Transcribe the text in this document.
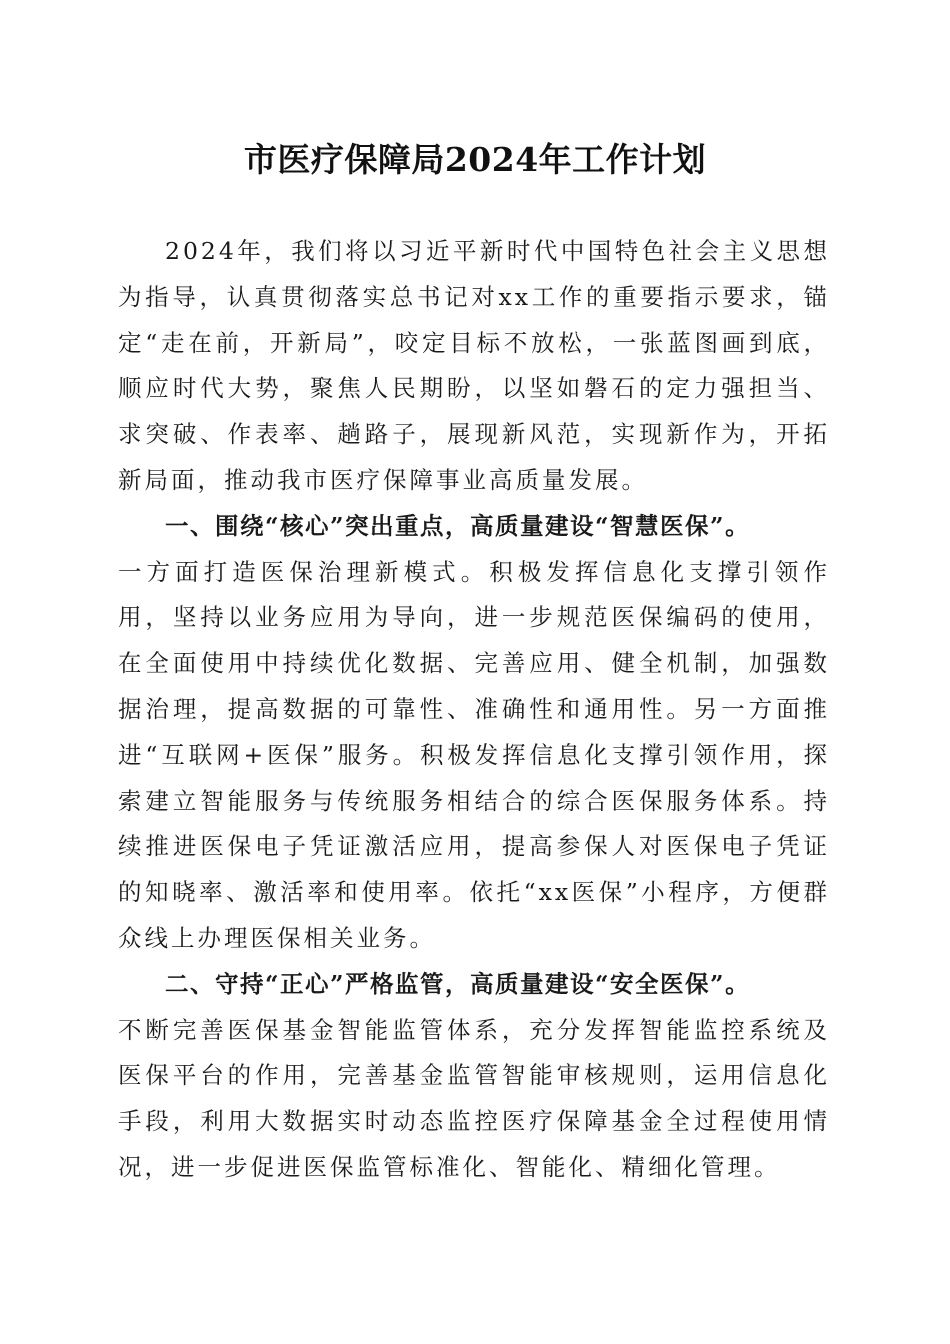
市医疗保障局2024年工作计划

2024年，我们将以习近平新时代中国特色社会主义思想为指导，认真贯彻落实总书记对xx工作的重要指示要求，锚定“走在前，开新局”，咬定目标不放松，一张蓝图画到底，顺应时代大势，聚焦人民期盼，以坚如磐石的定力强担当、求突破、作表率、趟路子，展现新风范，实现新作为，开拓新局面，推动我市医疗保障事业高质量发展。

一、围绕“核心”突出重点，高质量建设“智慧医保”。

一方面打造医保治理新模式。积极发挥信息化支撑引领作用，坚持以业务应用为导向，进一步规范医保编码的使用，在全面使用中持续优化数据、完善应用、健全机制，加强数据治理，提高数据的可靠性、准确性和通用性。另一方面推进“互联网+医保”服务。积极发挥信息化支撑引领作用，探索建立智能服务与传统服务相结合的综合医保服务体系。持续推进医保电子凭证激活应用，提高参保人对医保电子凭证的知晓率、激活率和使用率。依托“xx医保”小程序，方便群众线上办理医保相关业务。

二、守持“正心”严格监管，高质量建设“安全医保”。

不断完善医保基金智能监管体系，充分发挥智能监控系统及医保平台的作用，完善基金监管智能审核规则，运用信息化手段，利用大数据实时动态监控医疗保障基金全过程使用情况，进一步促进医保监管标准化、智能化、精细化管理。
